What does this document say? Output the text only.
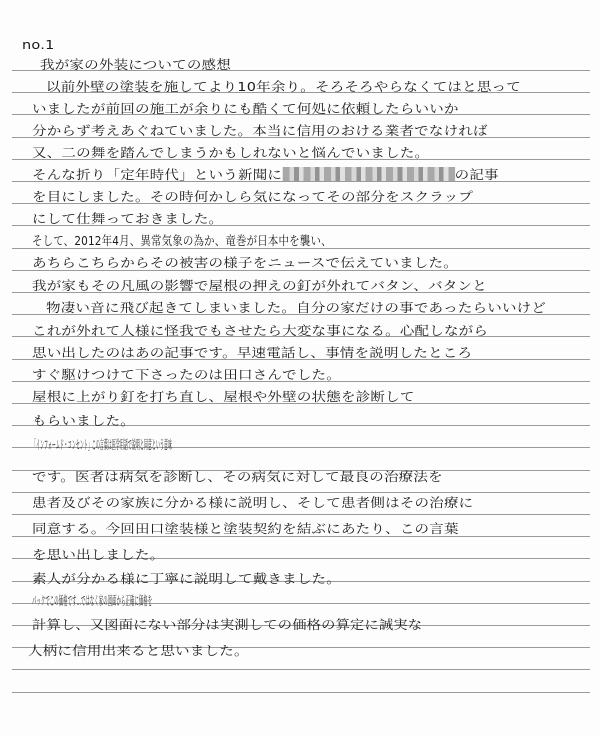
no.1
我が家の外装についての感想
以前外壁の塗装を施してより10年余り。そろそろやらなくてはと思って
いましたが前回の施工が余りにも酷くて何処に依頼したらいいか
分からず考えあぐねていました。本当に信用のおける業者でなければ
又、二の舞を踏んでしまうかもしれないと悩んでいました。
そんな折り「定年時代」という新聞に	の記事
を目にしました。その時何かしら気になってその部分をスクラップ
にして仕舞っておきました。
そして、2012年4月、異常気象の為か、竜巻が日本中を襲い、
あちらこちらからその被害の様子をニュースで伝えていました。
我が家もその凡風の影響で屋根の押えの釘が外れてバタン、バタンと
物凄い音に飛び起きてしまいました。自分の家だけの事であったらいいけど
これが外れて人様に怪我でもさせたら大変な事になる。心配しながら
思い出したのはあの記事です。早速電話し、事情を説明したところ
すぐ駆けつけて下さったのは田口さんでした。
屋根に上がり釘を打ち直し、屋根や外壁の状態を診断して
もらいました。
「インフォームド・コンセント」この言葉は医学用語で説明と同意という意味
です。医者は病気を診断し、その病気に対して最良の治療法を
患者及びその家族に分かる様に説明し、そして患者側はその治療に
同意する。今回田口塗装様と塗装契約を結ぶにあたり、この言葉
を思い出しました。
素人が分かる様に丁寧に説明して戴きました。
パックでこの価格です…ではなく家の図面から正確に価格を
計算し、又図面にない部分は実測しての価格の算定に誠実な
人柄に信用出来ると思いました。
